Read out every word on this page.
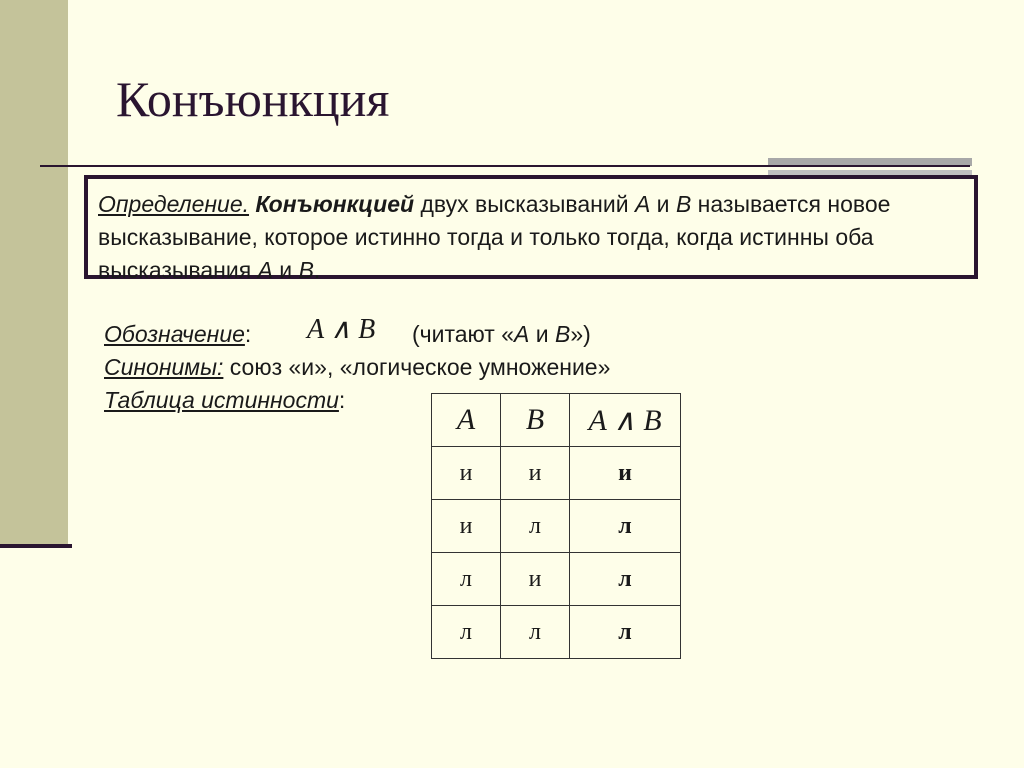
Конъюнкция
Определение. Конъюнкцией двух высказываний А и В называется новое высказывание, которое истинно тогда и только тогда, когда истинны оба высказывания А и В.
Обозначение:
Синонимы: союз «и», «логическое умножение»
Таблица истинности:
A ∧ B (читают «А и В»)
A	B	A ∧ B
и	и	и
и	л	л
л	и	л
л	л	л
